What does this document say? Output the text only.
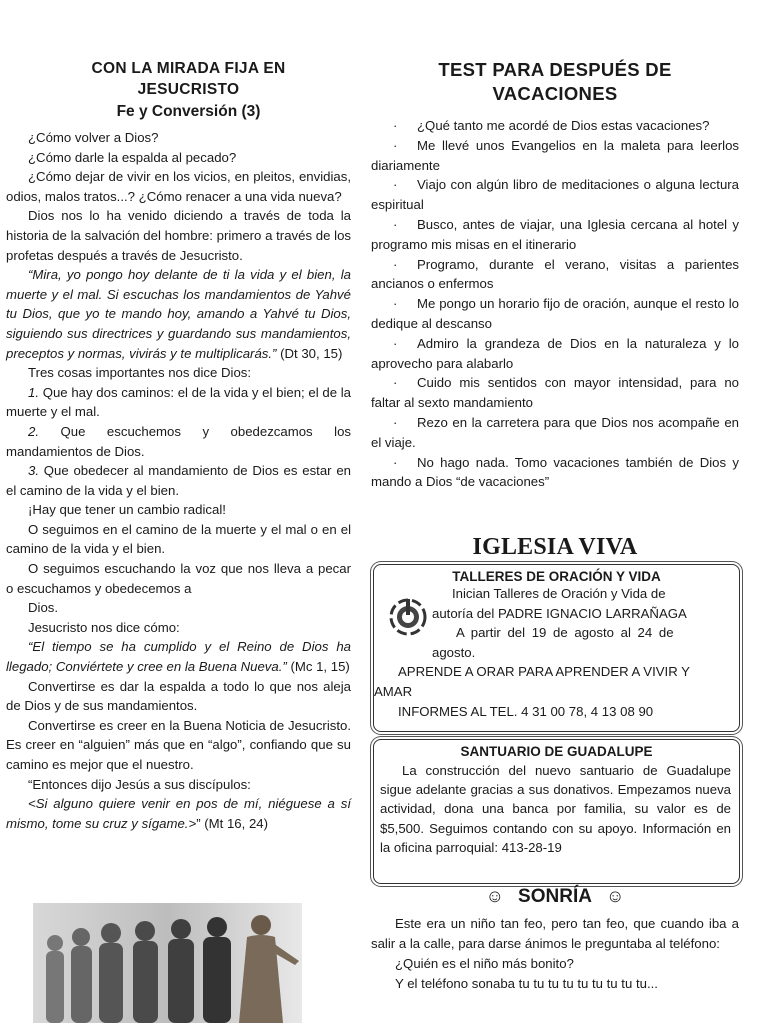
CON LA MIRADA FIJA EN
JESUCRISTO
Fe y Conversión (3)

¿Cómo volver a Dios?

¿Cómo darle la espalda al pecado?

¿Cómo dejar de vivir en los vicios, en pleitos, envidias, odios, malos tratos...? ¿Cómo renacer a una vida nueva?

Dios nos lo ha venido diciendo a través de toda la historia de la salvación del hombre: primero a través de los profetas después a través de Jesucristo.

“Mira, yo pongo hoy delante de ti la vida y el bien, la muerte y el mal. Si escuchas los mandamientos de Yahvé tu Dios, que yo te mando hoy, amando a Yahvé tu Dios, siguiendo sus directrices y guardando sus mandamientos, preceptos y normas, vivirás y te multiplicarás.” (Dt 30, 15)

Tres cosas importantes nos dice Dios:

1. Que hay dos caminos: el de la vida y el bien; el de la muerte y el mal.

2. Que escuchemos y obedezcamos los mandamientos de Dios.

3. Que obedecer al mandamiento de Dios es estar en el camino de la vida y el bien.

¡Hay que tener un cambio radical!

O seguimos en el camino de la muerte y el mal o en el camino de la vida y el bien.

O seguimos escuchando la voz que nos lleva a pecar o escuchamos y obedecemos a

Dios.

Jesucristo nos dice cómo:

“El tiempo se ha cumplido y el Reino de Dios ha llegado; Conviértete y cree en la Buena Nueva.” (Mc 1, 15)

Convertirse es dar la espalda a todo lo que nos aleja de Dios y de sus mandamientos.

Convertirse es creer en la Buena Noticia de Jesucristo. Es creer en “alguien” más que en “algo”, confiando que su camino es mejor que el nuestro.

“Entonces dijo Jesús a sus discípulos:

<Si alguno quiere venir en pos de mí, niéguese a sí mismo, tome su cruz y sígame.>” (Mt 16, 24)

TEST PARA DESPUÉS DE
VACACIONES

· ¿Qué tanto me acordé de Dios estas vacaciones?

· Me llevé unos Evangelios en la maleta para leerlos diariamente

· Viajo con algún libro de meditaciones o alguna lectura espiritual

· Busco, antes de viajar, una Iglesia cercana al hotel y programo mis misas en el itinerario

· Programo, durante el verano, visitas a parientes ancianos o enfermos

· Me pongo un horario fijo de oración, aunque el resto lo dedique al descanso

· Admiro la grandeza de Dios en la naturaleza y lo aprovecho para alabarlo

· Cuido mis sentidos con mayor intensidad, para no faltar al sexto mandamiento

· Rezo en la carretera para que Dios nos acompañe en el viaje.

· No hago nada. Tomo vacaciones también de Dios y mando a Dios “de vacaciones”

IGLESIA VIVA
TALLERES DE ORACIÓN Y VIDA
Inician Talleres de Oración y Vida de
autoría del PADRE IGNACIO LARRAÑAGA
A partir del 19 de agosto al 24 de
agosto.
APRENDE A ORAR PARA APRENDER A VIVIR Y
AMAR
INFORMES AL TEL. 4 31 00 78, 4 13 08 90
SANTUARIO DE GUADALUPE

La construcción del nuevo santuario de Guadalupe sigue adelante gracias a sus donativos. Empezamos nueva actividad, dona una banca por familia, su valor es de $5,500. Seguimos contando con su apoyo. Información en la oficina parroquial: 413-28-19

☺ SONRÍA ☺

Este era un niño tan feo, pero tan feo, que cuando iba a salir a la calle, para darse ánimos le preguntaba al teléfono:

¿Quién es el niño más bonito?

Y el teléfono sonaba tu tu tu tu tu tu tu tu tu...
